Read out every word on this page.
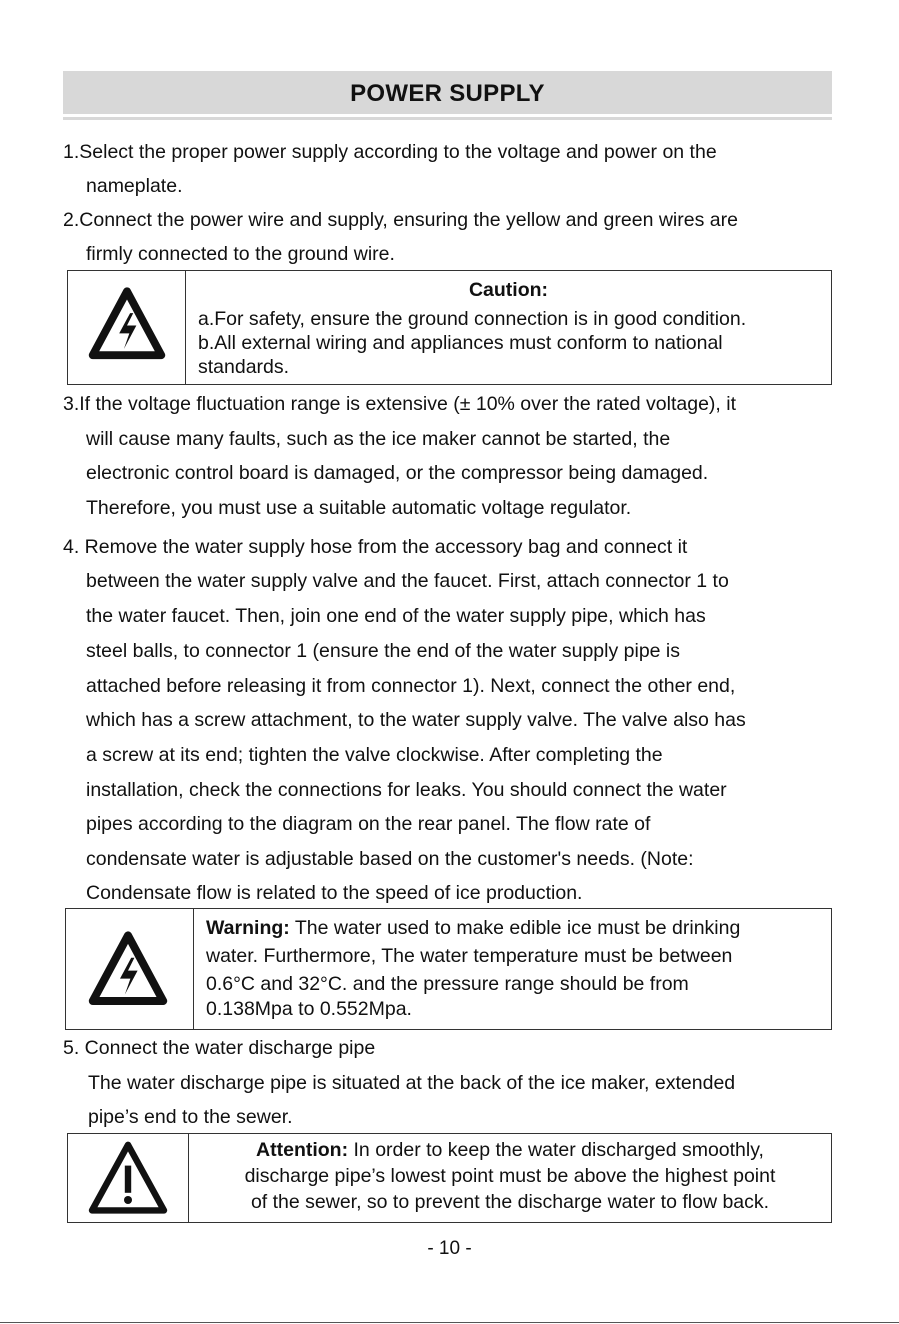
POWER SUPPLY
1.Select the proper power supply according to the voltage and power on the
nameplate.
2.Connect the power wire and supply, ensuring the yellow and green wires are
firmly connected to the ground wire.
Caution:
a.For safety, ensure the ground connection is in good condition.
b.All external wiring and appliances must conform to national
standards.
3.If the voltage fluctuation range is extensive (± 10% over the rated voltage), it
will cause many faults, such as the ice maker cannot be started, the
electronic control board is damaged, or the compressor being damaged.
Therefore, you must use a suitable automatic voltage regulator.
4. Remove the water supply hose from the accessory bag and connect it
between the water supply valve and the faucet. First, attach connector 1 to
the water faucet. Then, join one end of the water supply pipe, which has
steel balls, to connector 1 (ensure the end of the water supply pipe is
attached before releasing it from connector 1). Next, connect the other end,
which has a screw attachment, to the water supply valve. The valve also has
a screw at its end; tighten the valve clockwise. After completing the
installation, check the connections for leaks. You should connect the water
pipes according to the diagram on the rear panel. The flow rate of
condensate water is adjustable based on the customer's needs. (Note:
Condensate flow is related to the speed of ice production.
Warning: The water used to make edible ice must be drinking
water. Furthermore, The water temperature must be between
0.6°C and 32°C. and the pressure range should be from
0.138Mpa to 0.552Mpa.
5. Connect the water discharge pipe
The water discharge pipe is situated at the back of the ice maker, extended
pipe’s end to the sewer.
Attention: In order to keep the water discharged smoothly,
discharge pipe’s lowest point must be above the highest point
of the sewer, so to prevent the discharge water to flow back.
- 10 -
